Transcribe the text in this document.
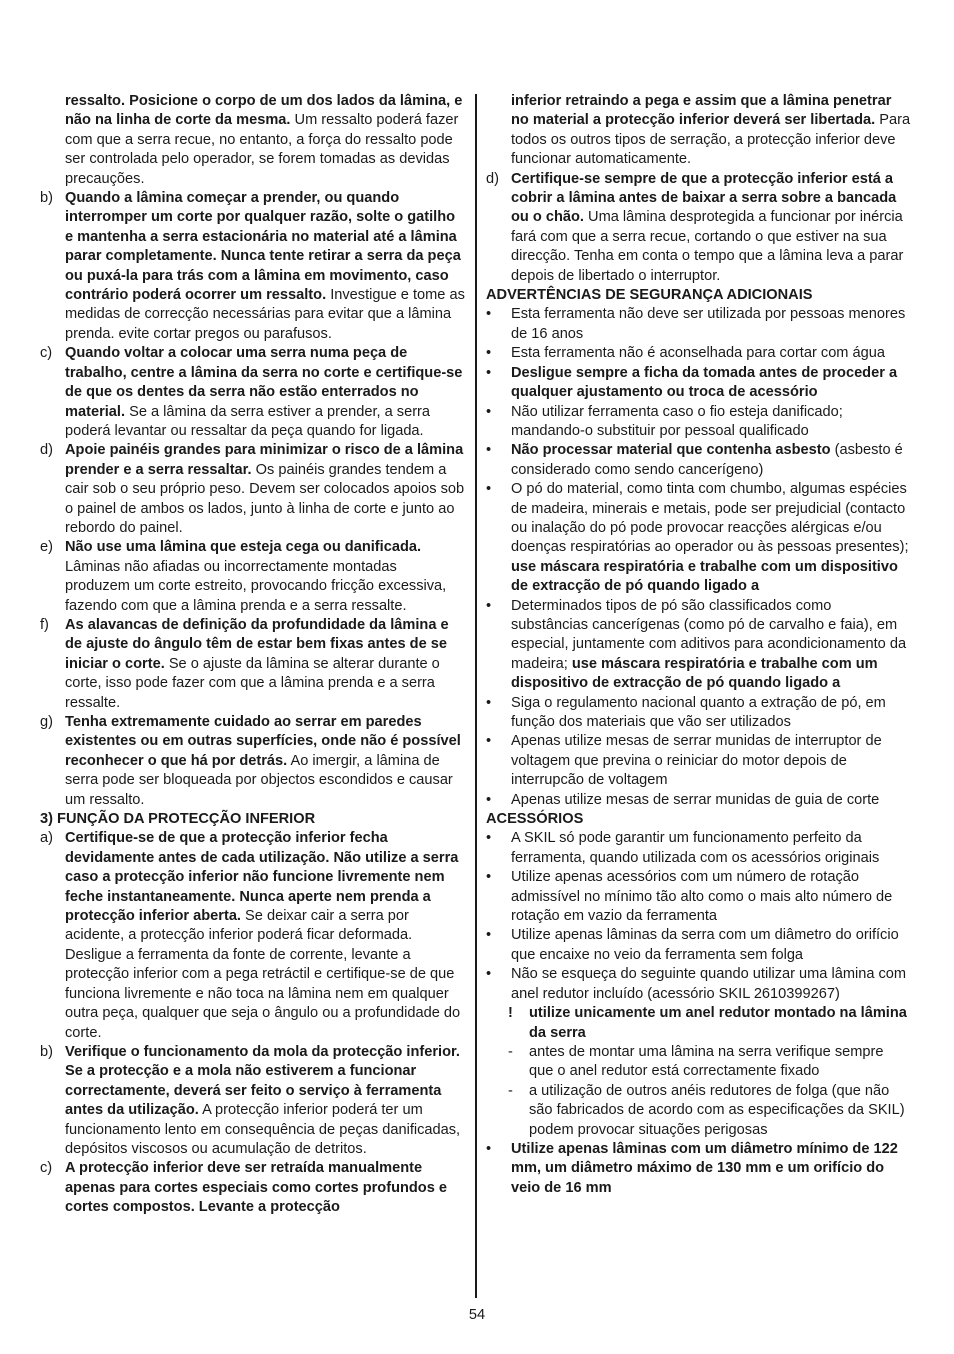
ressalto. Posicione o corpo de um dos lados da lâmina, e não na linha de corte da mesma. Um ressalto poderá fazer com que a serra recue, no entanto, a força do ressalto pode ser controlada pelo operador, se forem tomadas as devidas precauções.
b) Quando a lâmina começar a prender, ou quando interromper um corte por qualquer razão, solte o gatilho e mantenha a serra estacionária no material até a lâmina parar completamente. Nunca tente retirar a serra da peça ou puxá-la para trás com a lâmina em movimento, caso contrário poderá ocorrer um ressalto. Investigue e tome as medidas de correcção necessárias para evitar que a lâmina prenda. evite cortar pregos ou parafusos.
c) Quando voltar a colocar uma serra numa peça de trabalho, centre a lâmina da serra no corte e certifique-se de que os dentes da serra não estão enterrados no material. Se a lâmina da serra estiver a prender, a serra poderá levantar ou ressaltar da peça quando for ligada.
d) Apoie painéis grandes para minimizar o risco de a lâmina prender e a serra ressaltar. Os painéis grandes tendem a cair sob o seu próprio peso. Devem ser colocados apoios sob o painel de ambos os lados, junto à linha de corte e junto ao rebordo do painel.
e) Não use uma lâmina que esteja cega ou danificada. Lâminas não afiadas ou incorrectamente montadas produzem um corte estreito, provocando fricção excessiva, fazendo com que a lâmina prenda e a serra ressalte.
f) As alavancas de definição da profundidade da lâmina e de ajuste do ângulo têm de estar bem fixas antes de se iniciar o corte. Se o ajuste da lâmina se alterar durante o corte, isso pode fazer com que a lâmina prenda e a serra ressalte.
g) Tenha extremamente cuidado ao serrar em paredes existentes ou em outras superfícies, onde não é possível reconhecer o que há por detrás. Ao imergir, a lâmina de serra pode ser bloqueada por objectos escondidos e causar um ressalto.
3) FUNÇÃO DA PROTECÇÃO INFERIOR
a) Certifique-se de que a protecção inferior fecha devidamente antes de cada utilização. Não utilize a serra caso a protecção inferior não funcione livremente nem feche instantaneamente. Nunca aperte nem prenda a protecção inferior aberta. Se deixar cair a serra por acidente, a protecção inferior poderá ficar deformada. Desligue a ferramenta da fonte de corrente, levante a protecção inferior com a pega retráctil e certifique-se de que funciona livremente e não toca na lâmina nem em qualquer outra peça, qualquer que seja o ângulo ou a profundidade do corte.
b) Verifique o funcionamento da mola da protecção inferior. Se a protecção e a mola não estiverem a funcionar correctamente, deverá ser feito o serviço à ferramenta antes da utilização. A protecção inferior poderá ter um funcionamento lento em consequência de peças danificadas, depósitos viscosos ou acumulação de detritos.
c) A protecção inferior deve ser retraída manualmente apenas para cortes especiais como cortes profundos e cortes compostos. Levante a protecção
inferior retraindo a pega e assim que a lâmina penetrar no material a protecção inferior deverá ser libertada. Para todos os outros tipos de serração, a protecção inferior deve funcionar automaticamente.
d) Certifique-se sempre de que a protecção inferior está a cobrir a lâmina antes de baixar a serra sobre a bancada ou o chão. Uma lâmina desprotegida a funcionar por inércia fará com que a serra recue, cortando o que estiver na sua direcção. Tenha em conta o tempo que a lâmina leva a parar depois de libertado o interruptor.
ADVERTÊNCIAS DE SEGURANÇA ADICIONAIS
• Esta ferramenta não deve ser utilizada por pessoas menores de 16 anos
• Esta ferramenta não é aconselhada para cortar com água
• Desligue sempre a ficha da tomada antes de proceder a qualquer ajustamento ou troca de acessório
• Não utilizar ferramenta caso o fio esteja danificado; mandando-o substituir por pessoal qualificado
• Não processar material que contenha asbesto (asbesto é considerado como sendo cancerígeno)
• O pó do material, como tinta com chumbo, algumas espécies de madeira, minerais e metais, pode ser prejudicial (contacto ou inalação do pó pode provocar reacções alérgicas e/ou doenças respiratórias ao operador ou às pessoas presentes); use máscara respiratória e trabalhe com um dispositivo de extracção de pó quando ligado a
• Determinados tipos de pó são classificados como substâncias cancerígenas (como pó de carvalho e faia), em especial, juntamente com aditivos para acondicionamento da madeira; use máscara respiratória e trabalhe com um dispositivo de extracção de pó quando ligado a
• Siga o regulamento nacional quanto a extração de pó, em função dos materiais que vão ser utilizados
• Apenas utilize mesas de serrar munidas de interruptor de voltagem que previna o reiniciar do motor depois de interrupcão de voltagem
• Apenas utilize mesas de serrar munidas de guia de corte
ACESSÓRIOS
• A SKIL só pode garantir um funcionamento perfeito da ferramenta, quando utilizada com os acessórios originais
• Utilize apenas acessórios com um número de rotação admissível no mínimo tão alto como o mais alto número de rotação em vazio da ferramenta
• Utilize apenas lâminas da serra com um diâmetro do orifício que encaixe no veio da ferramenta sem folga
• Não se esqueça do seguinte quando utilizar uma lâmina com anel redutor incluído (acessório SKIL 2610399267)
! utilize unicamente um anel redutor montado na lâmina da serra
- antes de montar uma lâmina na serra verifique sempre que o anel redutor está correctamente fixado
- a utilização de outros anéis redutores de folga (que não são fabricados de acordo com as especificações da SKIL) podem provocar situações perigosas
• Utilize apenas lâminas com um diâmetro mínimo de 122 mm, um diâmetro máximo de 130 mm e um orifício do veio de 16 mm
54
